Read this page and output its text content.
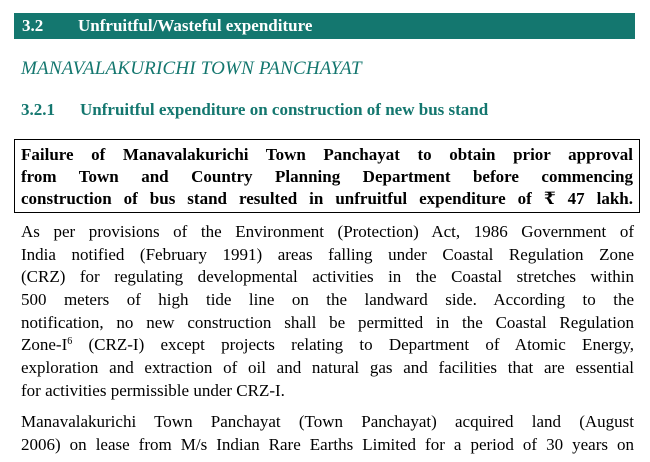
3.2 Unfruitful/Wasteful expenditure
MANAVALAKURICHI TOWN PANCHAYAT
3.2.1 Unfruitful expenditure on construction of new bus stand
Failure of Manavalakurichi Town Panchayat to obtain prior approval
from Town and Country Planning Department before commencing
construction of bus stand resulted in unfruitful expenditure of ₹ 47 lakh.
As per provisions of the Environment (Protection) Act, 1986 Government of
India notified (February 1991) areas falling under Coastal Regulation Zone
(CRZ) for regulating developmental activities in the Coastal stretches within
500 meters of high tide line on the landward side. According to the
notification, no new construction shall be permitted in the Coastal Regulation
Zone-$I^6$ (CRZ-I) except projects relating to Department of Atomic Energy,
exploration and extraction of oil and natural gas and facilities that are essential
for activities permissible under CRZ-I.
Manavalakurichi Town Panchayat (Town Panchayat) acquired land (August
2006) on lease from M/s Indian Rare Earths Limited for a period of 30 years on
